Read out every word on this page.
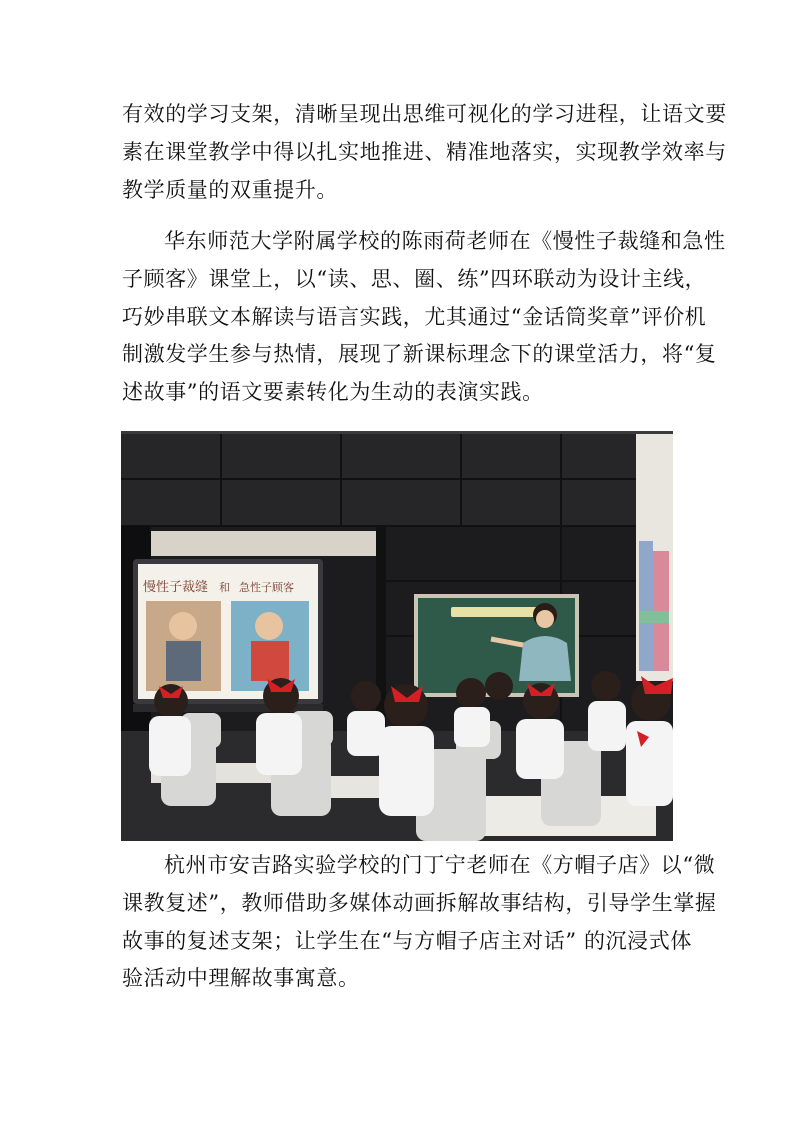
有效的学习支架，清晰呈现出思维可视化的学习进程，让语文要
素在课堂教学中得以扎实地推进、精准地落实，实现教学效率与
教学质量的双重提升。

华东师范大学附属学校的陈雨荷老师在《慢性子裁缝和急性
子顾客》课堂上，以“读、思、圈、练”四环联动为设计主线，
巧妙串联文本解读与语言实践，尤其通过“金话筒奖章”评价机
制激发学生参与热情，展现了新课标理念下的课堂活力，将“复
述故事”的语文要素转化为生动的表演实践。

慢性子裁缝 和 急性子顾客

杭州市安吉路实验学校的门丁宁老师在《方帽子店》以“微
课教复述”，教师借助多媒体动画拆解故事结构，引导学生掌握
故事的复述支架；让学生在“与方帽子店主对话” 的沉浸式体
验活动中理解故事寓意。
